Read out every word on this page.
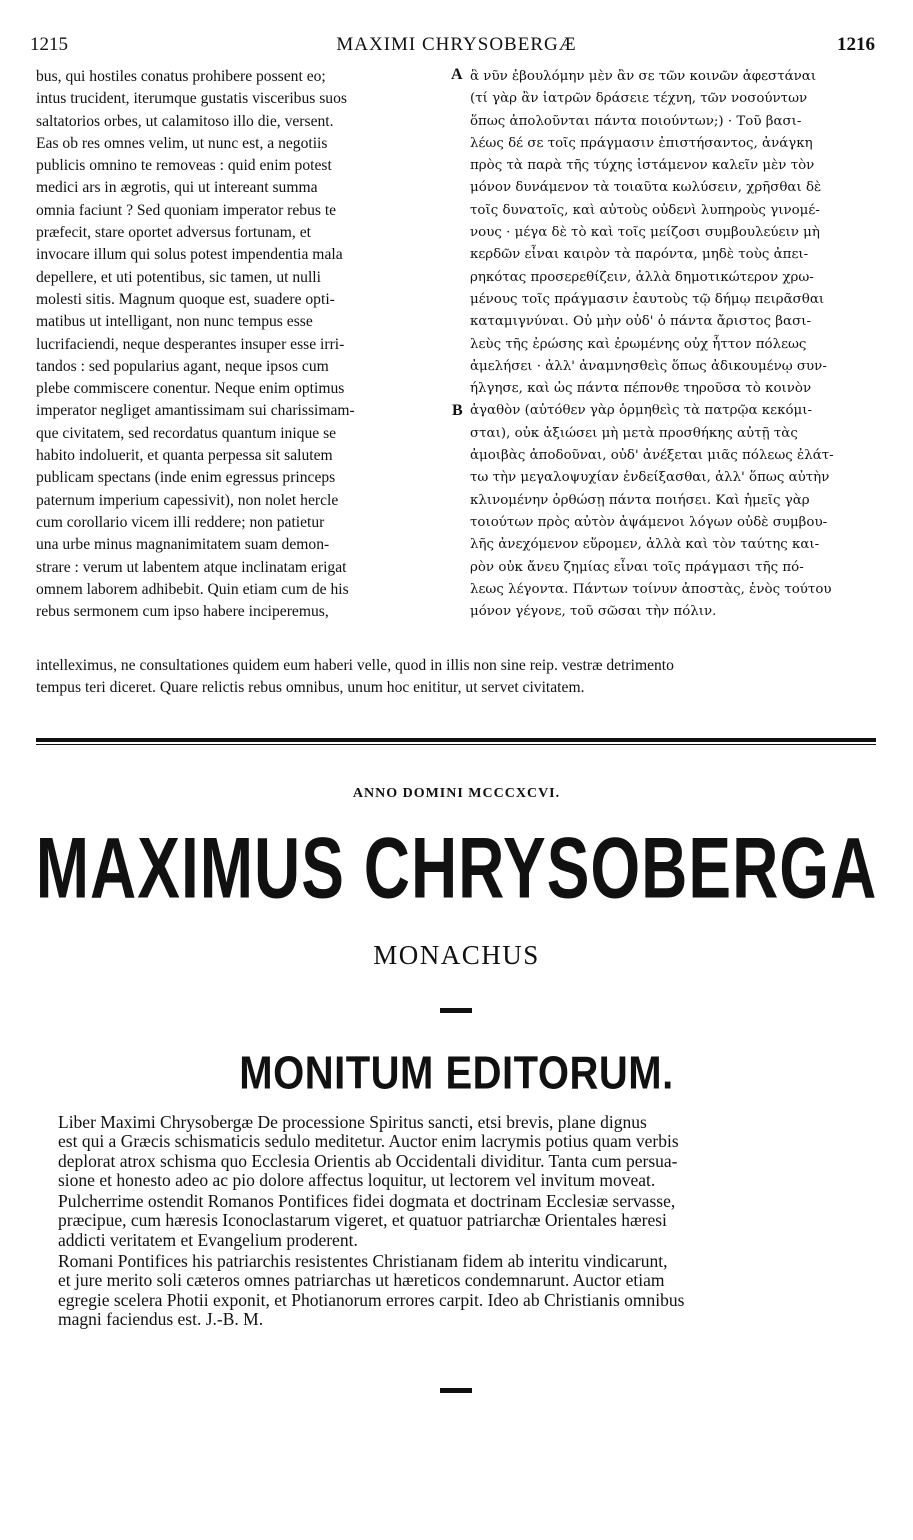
1215	MAXIMI CHRYSOBERGÆ	1216
bus, qui hostiles conatus prohibere possent eo;
intus trucident, iterumque gustatis visceribus suos
saltatorios orbes, ut calamitoso illo die, versent.
Eas ob res omnes velim, ut nunc est, a negotiis
publicis omnino te removeas : quid enim potest
medici ars in ægrotis, qui ut intereant summa
omnia faciunt ? Sed quoniam imperator rebus te
præfecit, stare oportet adversus fortunam, et
invocare illum qui solus potest impendentia mala
depellere, et uti potentibus, sic tamen, ut nulli
molesti sitis. Magnum quoque est, suadere opti-
matibus ut intelligant, non nunc tempus esse
lucrifaciendi, neque desperantes insuper esse irri-
tandos : sed popularius agant, neque ipsos cum
plebe commiscere conentur. Neque enim optimus
imperator negliget amantissimam sui charissimam-
que civitatem, sed recordatus quantum inique se
habito indoluerit, et quanta perpessa sit salutem
publicam spectans (inde enim egressus princeps
paternum imperium capessivit), non nolet hercle
cum corollario vicem illi reddere; non patietur
una urbe minus magnanimitatem suam demon-
strare : verum ut labentem atque inclinatam erigat
omnem laborem adhibebit. Quin etiam cum de his
rebus sermonem cum ipso habere inciperemus,
ἃ νῦν ἐβουλόμην μὲν ἂν σε τῶν κοινῶν ἀφεστάναι
(τί γὰρ ἂν ἰατρῶν δράσειε τέχνη, τῶν νοσούντων
ὅπως ἀπολοῦνται πάντα ποιούντων;) · Τοῦ βασι-
λέως δέ σε τοῖς πράγμασιν ἐπιστήσαντος, ἀνάγκη
πρὸς τὰ παρὰ τῆς τύχης ἱστάμενον καλεῖν μὲν τὸν
μόνον δυνάμενον τὰ τοιαῦτα κωλύσειν, χρῆσθαι δὲ
τοῖς δυνατοῖς, καὶ αὐτοὺς οὐδενὶ λυπηροὺς γινομέ-
νους · μέγα δὲ τὸ καὶ τοῖς μείζοσι συμβουλεύειν μὴ
κερδῶν εἶναι καιρὸν τὰ παρόντα, μηδὲ τοὺς ἀπει-
ρηκότας προσερεθίζειν, ἀλλὰ δημοτικώτερον χρω-
μένους τοῖς πράγμασιν ἑαυτοὺς τῷ δήμῳ πειρᾶσθαι
καταμιγνύναι. Οὐ μὴν οὐδ' ὁ πάντα ἄριστος βασι-
λεὺς τῆς ἐρώσης καὶ ἐρωμένης οὐχ ἧττον πόλεως
ἀμελήσει · ἀλλ' ἀναμνησθεὶς ὅπως ἀδικουμένῳ συν-
ήλγησε, καὶ ὡς πάντα πέπονθε τηροῦσα τὸ κοινὸν
ἀγαθὸν (αὐτόθεν γὰρ ὁρμηθεὶς τὰ πατρῷα κεκόμι-
σται), οὐκ ἀξιώσει μὴ μετὰ προσθήκης αὐτῇ τὰς
ἀμοιβὰς ἀποδοῦναι, οὐδ' ἀνέξεται μιᾶς πόλεως ἐλάτ-
τω τὴν μεγαλοψυχίαν ἐνδείξασθαι, ἀλλ' ὅπως αὐτὴν
κλινομένην ὀρθώσῃ πάντα ποιήσει. Καὶ ἡμεῖς γὰρ
τοιούτων πρὸς αὐτὸν ἀψάμενοι λόγων οὐδὲ συμβου-
λῆς ἀνεχόμενον εὕρομεν, ἀλλὰ καὶ τὸν ταύτης και-
ρὸν οὐκ ἄνευ ζημίας εἶναι τοῖς πράγμασι τῆς πό-
λεως λέγοντα. Πάντων τοίνυν ἀποστὰς, ἑνὸς τούτου
μόνον γέγονε, τοῦ σῶσαι τὴν πόλιν.
A
B
intelleximus, ne consultationes quidem eum haberi velle, quod in illis non sine reip. vestræ detrimento
tempus teri diceret. Quare relictis rebus omnibus, unum hoc enititur, ut servet civitatem.
ANNO DOMINI MCCCXCVI.
MAXIMUS CHRYSOBERGA
MONACHUS
MONITUM EDITORUM.
Liber Maximi Chrysobergæ De processione Spiritus sancti, etsi brevis, plane dignus
est qui a Græcis schismaticis sedulo meditetur. Auctor enim lacrymis potius quam verbis
deplorat atrox schisma quo Ecclesia Orientis ab Occidentali dividitur. Tanta cum persua-
sione et honesto adeo ac pio dolore affectus loquitur, ut lectorem vel invitum moveat.
Pulcherrime ostendit Romanos Pontifices fidei dogmata et doctrinam Ecclesiæ servasse,
præcipue, cum hæresis Iconoclastarum vigeret, et quatuor patriarchæ Orientales hæresi
addicti veritatem et Evangelium proderent.
Romani Pontifices his patriarchis resistentes Christianam fidem ab interitu vindicarunt,
et jure merito soli cæteros omnes patriarchas ut hæreticos condemnarunt. Auctor etiam
egregie scelera Photii exponit, et Photianorum errores carpit. Ideo ab Christianis omnibus
magni faciendus est. J.-B. M.
